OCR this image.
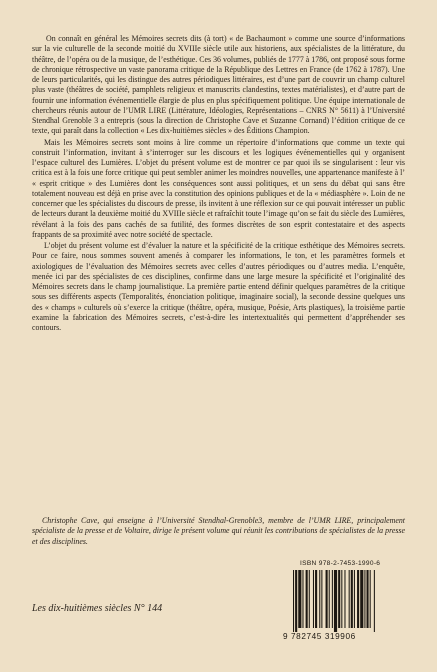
On connaît en général les Mémoires secrets dits (à tort) « de Bachaumont » comme une source d’informations sur la vie culturelle de la seconde moitié du XVIIIe siècle utile aux historiens, aux spécialistes de la littérature, du théâtre, de l’opéra ou de la musique, de l’esthétique. Ces 36 volumes, publiés de 1777 à 1786, ont proposé sous forme de chronique rétrospective un vaste panorama critique de la République des Lettres en France (de 1762 à 1787). Une de leurs particularités, qui les distingue des autres périodiques littéraires, est d’une part de couvrir un champ culturel plus vaste (théâtres de société, pamphlets religieux et manuscrits clandestins, textes matérialistes), et d’autre part de fournir une information événementielle élargie de plus en plus spécifiquement politique. Une équipe internationale de chercheurs réunis autour de l’UMR LIRE (Littérature, Idéologies, Représentations – CNRS N° 5611) à l’Université Stendhal Grenoble 3 a entrepris (sous la direction de Christophe Cave et Suzanne Cornand) l’édition critique de ce texte, qui paraît dans la collection « Les dix-huitièmes siècles » des Éditions Champion.

Mais les Mémoires secrets sont moins à lire comme un répertoire d’informations que comme un texte qui construit l’information, invitant à s’interroger sur les discours et les logiques événementielles qui y organisent l’espace culturel des Lumières. L’objet du présent volume est de montrer ce par quoi ils se singularisent : leur vis critica est à la fois une force critique qui peut sembler animer les moindres nouvelles, une appartenance manifeste à l’ « esprit critique » des Lumières dont les conséquences sont aussi politiques, et un sens du débat qui sans être totalement nouveau est déjà en prise avec la constitution des opinions publiques et de la « médiasphère ». Loin de ne concerner que les spécialistes du discours de presse, ils invitent à une réflexion sur ce qui pouvait intéresser un public de lecteurs durant la deuxième moitié du XVIIIe siècle et rafraîchit toute l’image qu’on se fait du siècle des Lumières, révélant à la fois des pans cachés de sa futilité, des formes discrètes de son esprit contestataire et des aspects frappants de sa proximité avec notre société de spectacle.

L’objet du présent volume est d’évaluer la nature et la spécificité de la critique esthétique des Mémoires secrets. Pour ce faire, nous sommes souvent amenés à comparer les informations, le ton, et les paramètres formels et axiologiques de l’évaluation des Mémoires secrets avec celles d’autres périodiques ou d’autres media. L’enquête, menée ici par des spécialistes de ces disciplines, confirme dans une large mesure la spécificité et l’originalité des Mémoires secrets dans le champ journalistique. La première partie entend définir quelques paramètres de la critique sous ses différents aspects (Temporalités, énonciation politique, imaginaire social), la seconde dessine quelques uns des « champs » culturels où s’exerce la critique (théâtre, opéra, musique, Poésie, Arts plastiques), la troisième partie examine la fabrication des Mémoires secrets, c’est-à-dire les intertextualités qui permettent d’appréhender ses contours.

Christophe Cave, qui enseigne à l’Université Stendhal-Grenoble3, membre de l’UMR LIRE, principalement spécialiste de la presse et de Voltaire, dirige le présent volume qui réunit les contributions de spécialistes de la presse et des disciplines.
ISBN 978-2-7453-1990-6
9 782745 319906
Les dix-huitièmes siècles N° 144
